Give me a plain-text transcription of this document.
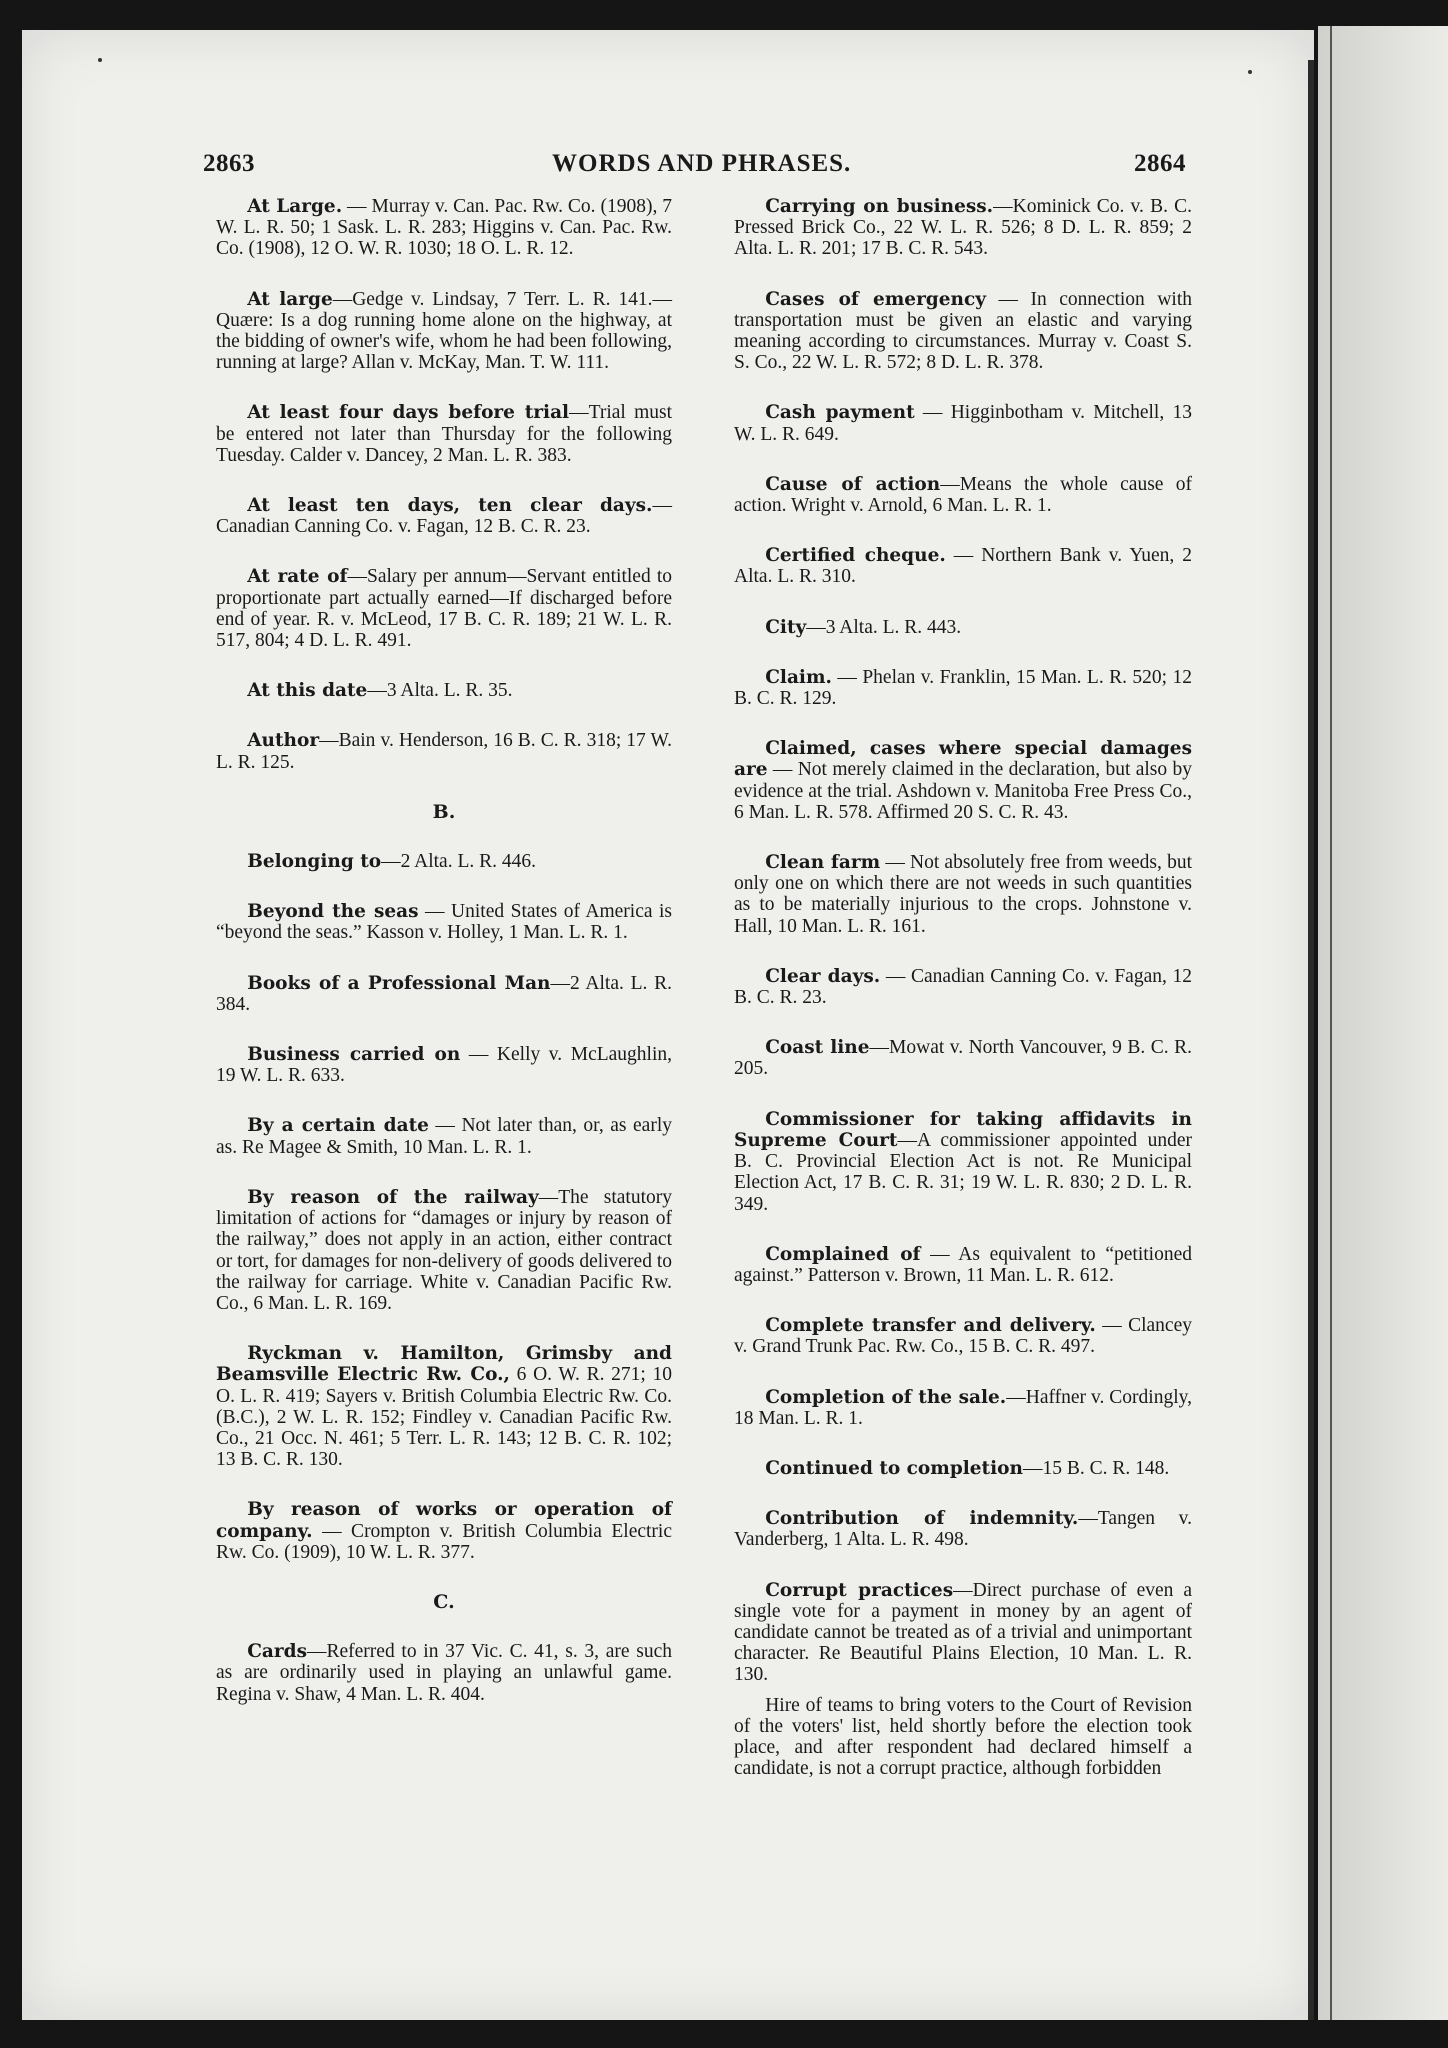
2863	WORDS AND PHRASES.	2864

At Large. — Murray v. Can. Pac. Rw. Co. (1908), 7 W. L. R. 50; 1 Sask. L. R. 283; Higgins v. Can. Pac. Rw. Co. (1908), 12 O. W. R. 1030; 18 O. L. R. 12.

At large—Gedge v. Lindsay, 7 Terr. L. R. 141.—Quære: Is a dog running home alone on the highway, at the bidding of owner's wife, whom he had been following, running at large? Allan v. McKay, Man. T. W. 111.

At least four days before trial—Trial must be entered not later than Thursday for the following Tuesday. Calder v. Dancey, 2 Man. L. R. 383.

At least ten days, ten clear days.—Canadian Canning Co. v. Fagan, 12 B. C. R. 23.

At rate of—Salary per annum—Servant entitled to proportionate part actually earned—If discharged before end of year. R. v. McLeod, 17 B. C. R. 189; 21 W. L. R. 517, 804; 4 D. L. R. 491.

At this date—3 Alta. L. R. 35.

Author—Bain v. Henderson, 16 B. C. R. 318; 17 W. L. R. 125.

B.

Belonging to—2 Alta. L. R. 446.

Beyond the seas — United States of America is “beyond the seas.” Kasson v. Holley, 1 Man. L. R. 1.

Books of a Professional Man—2 Alta. L. R. 384.

Business carried on — Kelly v. McLaughlin, 19 W. L. R. 633.

By a certain date — Not later than, or, as early as. Re Magee & Smith, 10 Man. L. R. 1.

By reason of the railway—The statutory limitation of actions for “damages or injury by reason of the railway,” does not apply in an action, either contract or tort, for damages for non-delivery of goods delivered to the railway for carriage. White v. Canadian Pacific Rw. Co., 6 Man. L. R. 169.

Ryckman v. Hamilton, Grimsby and Beamsville Electric Rw. Co., 6 O. W. R. 271; 10 O. L. R. 419; Sayers v. British Columbia Electric Rw. Co. (B.C.), 2 W. L. R. 152; Findley v. Canadian Pacific Rw. Co., 21 Occ. N. 461; 5 Terr. L. R. 143; 12 B. C. R. 102; 13 B. C. R. 130.

By reason of works or operation of company. — Crompton v. British Columbia Electric Rw. Co. (1909), 10 W. L. R. 377.

C.

Cards—Referred to in 37 Vic. C. 41, s. 3, are such as are ordinarily used in playing an unlawful game. Regina v. Shaw, 4 Man. L. R. 404.

Carrying on business.—Kominick Co. v. B. C. Pressed Brick Co., 22 W. L. R. 526; 8 D. L. R. 859; 2 Alta. L. R. 201; 17 B. C. R. 543.

Cases of emergency — In connection with transportation must be given an elastic and varying meaning according to circumstances. Murray v. Coast S. S. Co., 22 W. L. R. 572; 8 D. L. R. 378.

Cash payment — Higginbotham v. Mitchell, 13 W. L. R. 649.

Cause of action—Means the whole cause of action. Wright v. Arnold, 6 Man. L. R. 1.

Certified cheque. — Northern Bank v. Yuen, 2 Alta. L. R. 310.

City—3 Alta. L. R. 443.

Claim. — Phelan v. Franklin, 15 Man. L. R. 520; 12 B. C. R. 129.

Claimed, cases where special damages are — Not merely claimed in the declaration, but also by evidence at the trial. Ashdown v. Manitoba Free Press Co., 6 Man. L. R. 578. Affirmed 20 S. C. R. 43.

Clean farm — Not absolutely free from weeds, but only one on which there are not weeds in such quantities as to be materially injurious to the crops. Johnstone v. Hall, 10 Man. L. R. 161.

Clear days. — Canadian Canning Co. v. Fagan, 12 B. C. R. 23.

Coast line—Mowat v. North Vancouver, 9 B. C. R. 205.

Commissioner for taking affidavits in Supreme Court—A commissioner appointed under B. C. Provincial Election Act is not. Re Municipal Election Act, 17 B. C. R. 31; 19 W. L. R. 830; 2 D. L. R. 349.

Complained of — As equivalent to “petitioned against.” Patterson v. Brown, 11 Man. L. R. 612.

Complete transfer and delivery. — Clancey v. Grand Trunk Pac. Rw. Co., 15 B. C. R. 497.

Completion of the sale.—Haffner v. Cordingly, 18 Man. L. R. 1.

Continued to completion—15 B. C. R. 148.

Contribution of indemnity.—Tangen v. Vanderberg, 1 Alta. L. R. 498.

Corrupt practices—Direct purchase of even a single vote for a payment in money by an agent of candidate cannot be treated as of a trivial and unimportant character. Re Beautiful Plains Election, 10 Man. L. R. 130.

Hire of teams to bring voters to the Court of Revision of the voters' list, held shortly before the election took place, and after respondent had declared himself a candidate, is not a corrupt practice, although forbidden
